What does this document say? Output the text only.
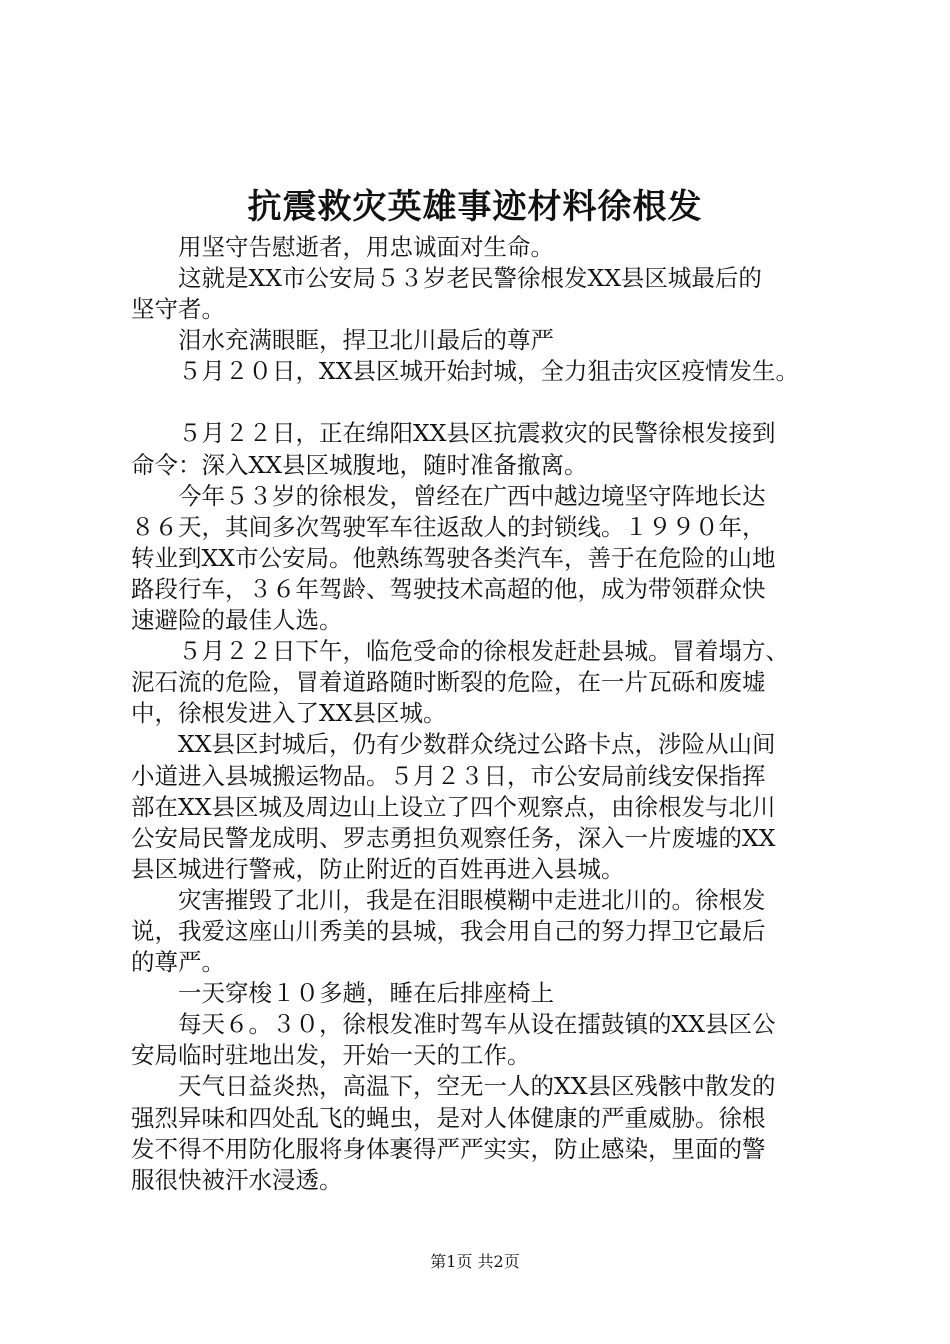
抗震救灾英雄事迹材料徐根发

用坚守告慰逝者，用忠诚面对生命。

这就是XX市公安局５３岁老民警徐根发XX县区城最后的
坚守者。

泪水充满眼眶，捍卫北川最后的尊严

５月２０日，XX县区城开始封城，全力狙击灾区疫情发生。

５月２２日，正在绵阳XX县区抗震救灾的民警徐根发接到
命令：深入XX县区城腹地，随时准备撤离。

今年５３岁的徐根发，曾经在广西中越边境坚守阵地长达
８６天，其间多次驾驶军车往返敌人的封锁线。１９９０年，
转业到XX市公安局。他熟练驾驶各类汽车，善于在危险的山地
路段行车，３６年驾龄、驾驶技术高超的他，成为带领群众快
速避险的最佳人选。

５月２２日下午，临危受命的徐根发赶赴县城。冒着塌方、
泥石流的危险，冒着道路随时断裂的危险，在一片瓦砾和废墟
中，徐根发进入了XX县区城。

XX县区封城后，仍有少数群众绕过公路卡点，涉险从山间
小道进入县城搬运物品。５月２３日，市公安局前线安保指挥
部在XX县区城及周边山上设立了四个观察点，由徐根发与北川
公安局民警龙成明、罗志勇担负观察任务，深入一片废墟的XX
县区城进行警戒，防止附近的百姓再进入县城。

灾害摧毁了北川，我是在泪眼模糊中走进北川的。徐根发
说，我爱这座山川秀美的县城，我会用自己的努力捍卫它最后
的尊严。

一天穿梭１０多趟，睡在后排座椅上

每天６。３０，徐根发准时驾车从设在擂鼓镇的XX县区公
安局临时驻地出发，开始一天的工作。

天气日益炎热，高温下，空无一人的XX县区残骸中散发的
强烈异味和四处乱飞的蝇虫，是对人体健康的严重威胁。徐根
发不得不用防化服将身体裹得严严实实，防止感染，里面的警
服很快被汗水浸透。

第1页 共2页
